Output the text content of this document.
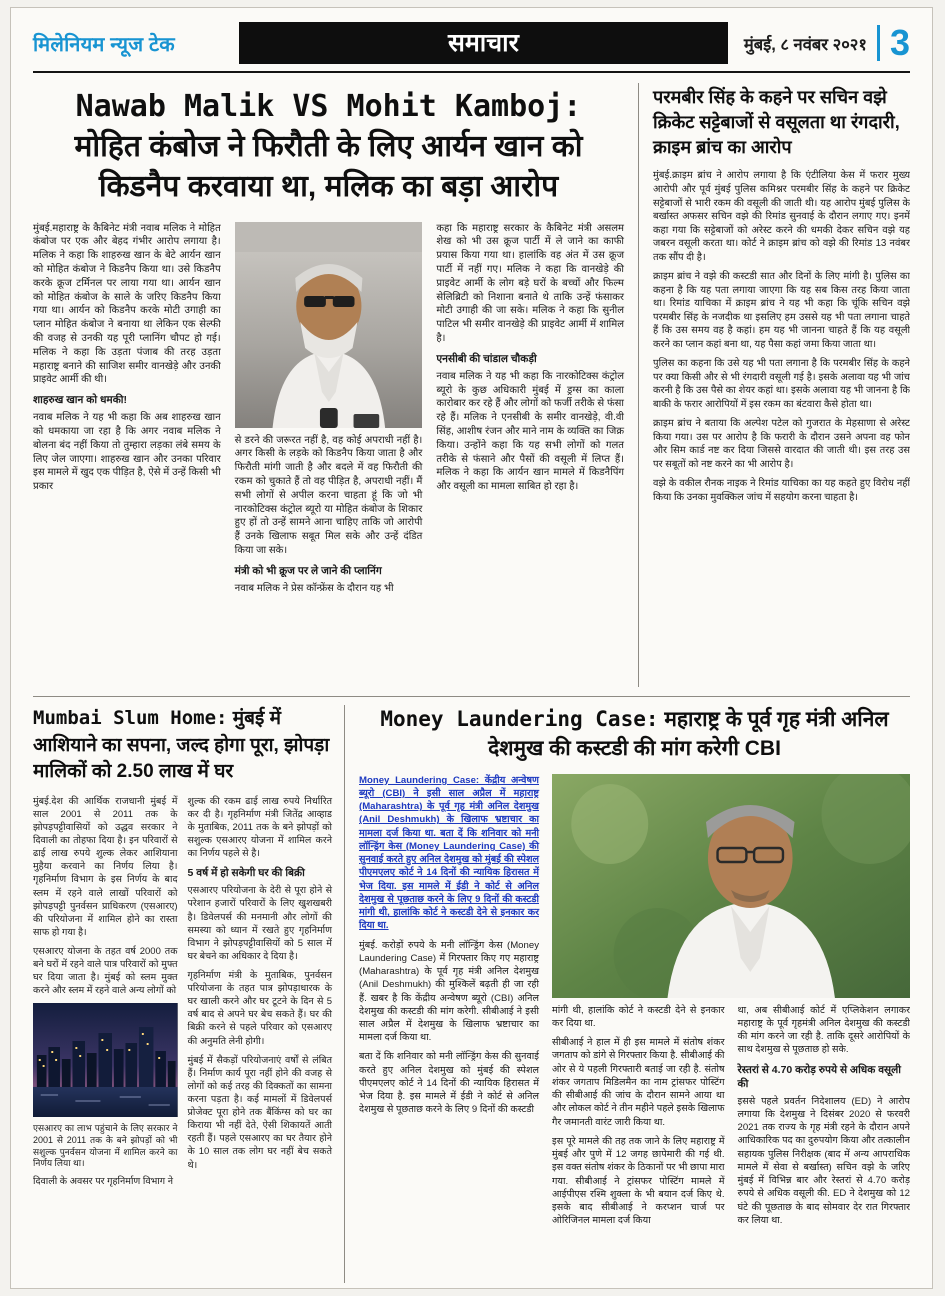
मिलेनियम न्यूज टेक	समाचार	मुंबई, ८ नवंबर २०२१ 3
Nawab Malik VS Mohit Kamboj: मोहित कंबोज ने फिरौती के लिए आर्यन खान को किडनैप करवाया था, मलिक का बड़ा आरोप

मुंबई.महाराष्ट्र के कैबिनेट मंत्री नवाब मलिक ने मोहित कंबोज पर एक और बेहद गंभीर आरोप लगाया है। मलिक ने कहा कि शाहरुख खान के बेटे आर्यन खान को मोहित कंबोज ने किडनैप किया था। उसे किडनैप करके क्रूज टर्मिनल पर लाया गया था। आर्यन खान को मोहित कंबोज के साले के जरिए किडनैप किया गया था। आर्यन को किडनैप करके मोटी उगाही का प्लान मोहित कंबोज ने बनाया था लेकिन एक सेल्फी की वजह से उनकी यह पूरी प्लानिंग चौपट हो गई। मलिक ने कहा कि उड़ता पंजाब की तरह उड़ता महाराष्ट्र बनाने की साजिश समीर वानखेड़े और उनकी प्राइवेट आर्मी की थी।

शाहरुख खान को धमकी!

नवाब मलिक ने यह भी कहा कि अब शाहरुख खान को धमकाया जा रहा है कि अगर नवाब मलिक ने बोलना बंद नहीं किया तो तुम्हारा लड़का लंबे समय के लिए जेल जाएगा। शाहरुख खान और उनका परिवार इस मामले में खुद एक पीड़ित है, ऐसे में उन्हें किसी भी प्रकार

से डरने की जरूरत नहीं है, वह कोई अपराधी नहीं है। अगर किसी के लड़के को किडनैप किया जाता है और फिरौती मांगी जाती है और बदले में वह फिरौती की रकम को चुकाते हैं तो वह पीड़ित है, अपराधी नहीं। मैं सभी लोगों से अपील करना चाहता हूं कि जो भी नारकोटिक्स कंट्रोल ब्यूरो या मोहित कंबोज के शिकार हुए हों तो उन्हें सामने आना चाहिए ताकि जो आरोपी हैं उनके खिलाफ सबूत मिल सके और उन्हें दंडित किया जा सके।

मंत्री को भी क्रूज पर ले जाने की प्लानिंग

नवाब मलिक ने प्रेस कॉन्फ्रेंस के दौरान यह भी

कहा कि महाराष्ट्र सरकार के कैबिनेट मंत्री असलम शेख को भी उस क्रूज पार्टी में ले जाने का काफी प्रयास किया गया था। हालांकि वह अंत में उस क्रूज पार्टी में नहीं गए। मलिक ने कहा कि वानखेड़े की प्राइवेट आर्मी के लोग बड़े घरों के बच्चों और फिल्म सेलिब्रिटी को निशाना बनाते थे ताकि उन्हें फंसाकर मोटी उगाही की जा सके। मलिक ने कहा कि सुनील पाटिल भी समीर वानखेड़े की प्राइवेट आर्मी में शामिल है।

एनसीबी की चांडाल चौकड़ी

नवाब मलिक ने यह भी कहा कि नारकोटिक्स कंट्रोल ब्यूरो के कुछ अधिकारी मुंबई में ड्रग्स का काला कारोबार कर रहे हैं और लोगों को फर्जी तरीके से फंसा रहे हैं। मलिक ने एनसीबी के समीर वानखेड़े, वी.वी सिंह, आशीष रंजन और माने नाम के व्यक्ति का जिक्र किया। उन्होंने कहा कि यह सभी लोगों को गलत तरीके से फंसाने और पैसों की वसूली में लिप्त हैं। मलिक ने कहा कि आर्यन खान मामले में किडनैपिंग और वसूली का मामला साबित हो रहा है।

परमबीर सिंह के कहने पर सचिन वझे क्रिकेट सट्टेबाजों से वसूलता था रंगदारी, क्राइम ब्रांच का आरोप

मुंबई.क्राइम ब्रांच ने आरोप लगाया है कि एंटीलिया केस में फरार मुख्य आरोपी और पूर्व मुंबई पुलिस कमिश्नर परमबीर सिंह के कहने पर क्रिकेट सट्टेबाजों से भारी रकम की वसूली की जाती थी। यह आरोप मुंबई पुलिस के बर्खास्त अफसर सचिन वझे की रिमांड सुनवाई के दौरान लगाए गए। इनमें कहा गया कि सट्टेबाजों को अरेस्ट करने की धमकी देकर सचिन वझे यह जबरन वसूली करता था। कोर्ट ने क्राइम ब्रांच को वझे की रिमांड 13 नवंबर तक सौंप दी है।

क्राइम ब्रांच ने वझे की कस्टडी सात और दिनों के लिए मांगी है। पुलिस का कहना है कि यह पता लगाया जाएगा कि यह सब किस तरह किया जाता था। रिमांड याचिका में क्राइम ब्रांच ने यह भी कहा कि चूंकि सचिन वझे परमबीर सिंह के नजदीक था इसलिए हम उससे यह भी पता लगाना चाहते हैं कि उस समय वह है कहां। हम यह भी जानना चाहते हैं कि यह वसूली करने का प्लान कहां बना था, यह पैसा कहां जमा किया जाता था।

पुलिस का कहना कि उसे यह भी पता लगाना है कि परमबीर सिंह के कहने पर क्या किसी और से भी रंगदारी वसूली गई है। इसके अलावा यह भी जांच करनी है कि उस पैसे का शेयर कहां था। इसके अलावा यह भी जानना है कि बाकी के फरार आरोपियों में इस रकम का बंटवारा कैसे होता था।

क्राइम ब्रांच ने बताया कि अल्पेश पटेल को गुजरात के मेहसाणा से अरेस्ट किया गया। उस पर आरोप है कि फरारी के दौरान उसने अपना वह फोन और सिम कार्ड नष्ट कर दिया जिससे वारदात की जाती थी। इस तरह उस पर सबूतों को नष्ट करने का भी आरोप है।

वझे के वकील रौनक नाइक ने रिमांड याचिका का यह कहते हुए विरोध नहीं किया कि उनका मुवक्किल जांच में सहयोग करना चाहता है।

Mumbai Slum Home: मुंबई में आशियाने का सपना, जल्द होगा पूरा, झोपड़ा मालिकों को 2.50 लाख में घर

मुंबई.देश की आर्थिक राजधानी मुंबई में साल 2001 से 2011 तक के झोपड़पट्टीवासियों को उद्धव सरकार ने दिवाली का तोहफा दिया है। इन परिवारों से ढाई लाख रुपये शुल्क लेकर आशियाना मुहैया करवाने का निर्णय लिया है। गृहनिर्माण विभाग के इस निर्णय के बाद स्लम में रहने वाले लाखों परिवारों को झोपड़पट्टी पुनर्वसन प्राधिकरण (एसआरए) की परियोजना में शामिल होने का रास्ता साफ हो गया है।

एसआरए योजना के तहत वर्ष 2000 तक बने घरों में रहने वाले पात्र परिवारों को मुफ्त घर दिया जाता है। मुंबई को स्लम मुक्त करने और स्लम में रहने वाले अन्य लोगों को

एसआरए का लाभ पहुंचाने के लिए सरकार ने 2001 से 2011 तक के बने झोपड़ों को भी सशुल्क पुनर्वसन योजना में शामिल करने का निर्णय लिया था।

दिवाली के अवसर पर गृहनिर्माण विभाग ने

शुल्क की रकम ढाई लाख रुपये निर्धारित कर दी है। गृहनिर्माण मंत्री जितेंद्र आव्हाड के मुताबिक, 2011 तक के बने झोपड़ों को सशुल्क एसआरए योजना में शामिल करने का निर्णय पहले से है।

5 वर्ष में हो सकेगी घर की बिक्री

एसआरए परियोजना के देरी से पूरा होने से परेशान हजारों परिवारों के लिए खुशखबरी है। डिवेलपर्स की मनमानी और लोगों की समस्या को ध्यान में रखते हुए गृहनिर्माण विभाग ने झोपड़पट्टीवासियों को 5 साल में घर बेचने का अधिकार दे दिया है।

गृहनिर्माण मंत्री के मुताबिक, पुनर्वसन परियोजना के तहत पात्र झोपड़ाधारक के घर खाली करने और घर टूटने के दिन से 5 वर्ष बाद से अपने घर बेच सकते हैं। घर की बिक्री करने से पहले परिवार को एसआरए की अनुमति लेनी होगी।

मुंबई में सैकड़ों परियोजनाएं वर्षों से लंबित हैं। निर्माण कार्य पूरा नहीं होने की वजह से लोगों को कई तरह की दिक्कतों का सामना करना पड़ता है। कई मामलों में डिवेलपर्स प्रोजेक्ट पूरा होने तक बैंकिंग्स को घर का किराया भी नहीं देते, ऐसी शिकायतें आती रहती हैं। पहले एसआरए का घर तैयार होने के 10 साल तक लोग घर नहीं बेच सकते थे।

Money Laundering Case: महाराष्ट्र के पूर्व गृह मंत्री अनिल देशमुख की कस्टडी की मांग करेगी CBI

Money Laundering Case: केंद्रीय अन्वेषण ब्यूरो (CBI) ने इसी साल अप्रैल में महाराष्ट्र (Maharashtra) के पूर्व गृह मंत्री अनिल देशमुख (Anil Deshmukh) के खिलाफ भ्रष्टाचार का मामला दर्ज किया था. बता दें कि शनिवार को मनी लॉन्ड्रिंग केस (Money Laundering Case) की सुनवाई करते हुए अनिल देशमुख को मुंबई की स्पेशल पीएमएलए कोर्ट ने 14 दिनों की न्यायिक हिरासत में भेज दिया. इस मामले में ईडी ने कोर्ट से अनिल देशमुख से पूछताछ करने के लिए 9 दिनों की कस्टडी मांगी थी, हालांकि कोर्ट ने कस्टडी देने से इनकार कर दिया था.

मुंबई. करोड़ों रुपये के मनी लॉन्ड्रिंग केस (Money Laundering Case) में गिरफ्तार किए गए महाराष्ट्र (Maharashtra) के पूर्व गृह मंत्री अनिल देशमुख (Anil Deshmukh) की मुश्किलें बढ़ती ही जा रही हैं. खबर है कि केंद्रीय अन्वेषण ब्यूरो (CBI) अनिल देशमुख की कस्टडी की मांग करेगी. सीबीआई ने इसी साल अप्रैल में देशमुख के खिलाफ भ्रष्टाचार का मामला दर्ज किया था.

बता दें कि शनिवार को मनी लॉन्ड्रिंग केस की सुनवाई करते हुए अनिल देशमुख को मुंबई की स्पेशल पीएमएलए कोर्ट ने 14 दिनों की न्यायिक हिरासत में भेज दिया है. इस मामले में ईडी ने कोर्ट से अनिल देशमुख से पूछताछ करने के लिए 9 दिनों की कस्टडी

मांगी थी, हालांकि कोर्ट ने कस्टडी देने से इनकार कर दिया था.

सीबीआई ने हाल में ही इस मामले में संतोष शंकर जगताप को डांगे से गिरफ्तार किया है. सीबीआई की ओर से ये पहली गिरफ्तारी बताई जा रही है. संतोष शंकर जगताप मिडिलमैन का नाम ट्रांसफर पोस्टिंग की सीबीआई की जांच के दौरान सामने आया था और लोकल कोर्ट ने तीन महीने पहले इसके खिलाफ गैर जमानती वारंट जारी किया था.

इस पूरे मामले की तह तक जाने के लिए महाराष्ट्र में मुंबई और पुणे में 12 जगह छापेमारी की गई थी. इस वक्त संतोष शंकर के ठिकानों पर भी छापा मारा गया. सीबीआई ने ट्रांसफर पोस्टिंग मामले में आईपीएस रश्मि शुक्ला के भी बयान दर्ज किए थे. इसके बाद सीबीआई ने करप्शन चार्ज पर ओरिजिनल मामला दर्ज किया

था, अब सीबीआई कोर्ट में एप्लिकेशन लगाकर महाराष्ट्र के पूर्व गृहमंत्री अनिल देशमुख की कस्टडी की मांग करने जा रही है. ताकि दूसरे आरोपियों के साथ देशमुख से पूछताछ हो सके.

रेस्तरां से 4.70 करोड़ रुपये से अधिक वसूली की

इससे पहले प्रवर्तन निदेशालय (ED) ने आरोप लगाया कि देशमुख ने दिसंबर 2020 से फरवरी 2021 तक राज्य के गृह मंत्री रहने के दौरान अपने आधिकारिक पद का दुरुपयोग किया और तत्कालीन सहायक पुलिस निरीक्षक (बाद में अन्य आपराधिक मामले में सेवा से बर्खास्त) सचिन वझे के जरिए मुंबई में विभिन्न बार और रेस्तरां से 4.70 करोड़ रुपये से अधिक वसूली की. ED ने देशमुख को 12 घंटे की पूछताछ के बाद सोमवार देर रात गिरफ्तार कर लिया था.
